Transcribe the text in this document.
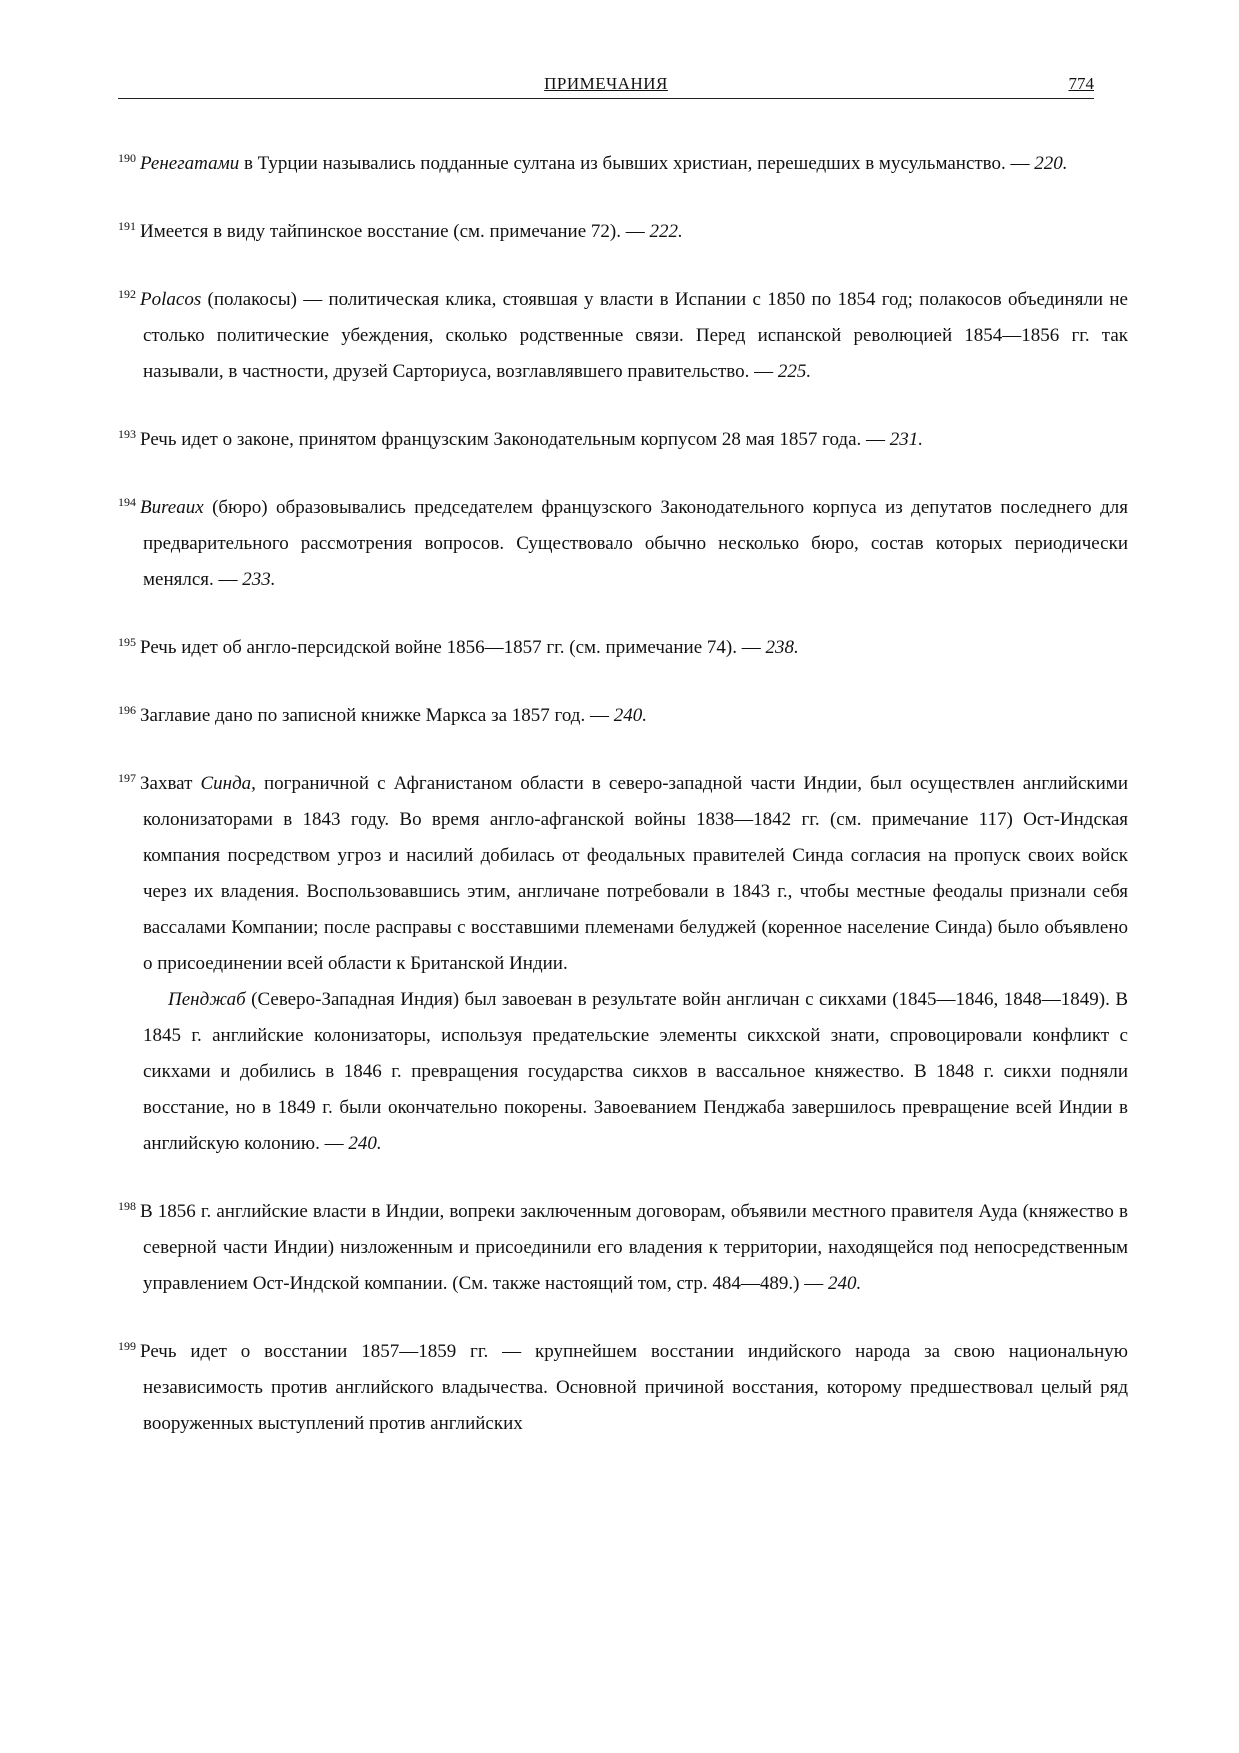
ПРИМЕЧАНИЯ	774

$^{190}$ Ренегатами в Турции назывались подданные султана из бывших христиан, перешедших в мусульманство. — 220.

$^{191}$ Имеется в виду тайпинское восстание (см. примечание 72). — 222.

$^{192}$ Polacos (полакосы) — политическая клика, стоявшая у власти в Испании с 1850 по 1854 год; полакосов объединяли не столько политические убеждения, сколько родственные связи. Перед испанской революцией 1854—1856 гг. так называли, в частности, друзей Сарториуса, возглавлявшего правительство. — 225.

$^{193}$ Речь идет о законе, принятом французским Законодательным корпусом 28 мая 1857 года. — 231.

$^{194}$ Bureaux (бюро) образовывались председателем французского Законодательного корпуса из депутатов последнего для предварительного рассмотрения вопросов. Существовало обычно несколько бюро, состав которых периодически менялся. — 233.

$^{195}$ Речь идет об англо-персидской войне 1856—1857 гг. (см. примечание 74). — 238.

$^{196}$ Заглавие дано по записной книжке Маркса за 1857 год. — 240.

$^{197}$ Захват Синда, пограничной с Афганистаном области в северо-западной части Индии, был осуществлен английскими колонизаторами в 1843 году. Во время англо-афганской войны 1838—1842 гг. (см. примечание 117) Ост-Индская компания посредством угроз и насилий добилась от феодальных правителей Синда согласия на пропуск своих войск через их владения. Воспользовавшись этим, англичане потребовали в 1843 г., чтобы местные феодалы признали себя вассалами Компании; после расправы с восставшими племенами белуджей (коренное население Синда) было объявлено о присоединении всей области к Британской Индии.

Пенджаб (Северо-Западная Индия) был завоеван в результате войн англичан с сикхами (1845—1846, 1848—1849). В 1845 г. английские колонизаторы, используя предательские элементы сикхской знати, спровоцировали конфликт с сикхами и добились в 1846 г. превращения государства сикхов в вассальное княжество. В 1848 г. сикхи подняли восстание, но в 1849 г. были окончательно покорены. Завоеванием Пенджаба завершилось превращение всей Индии в английскую колонию. — 240.

$^{198}$ В 1856 г. английские власти в Индии, вопреки заключенным договорам, объявили местного правителя Ауда (княжество в северной части Индии) низложенным и присоединили его владения к территории, находящейся под непосредственным управлением Ост-Индской компании. (См. также настоящий том, стр. 484—489.) — 240.

$^{199}$ Речь идет о восстании 1857—1859 гг. — крупнейшем восстании индийского народа за свою национальную независимость против английского владычества. Основной причиной восстания, которому предшествовал целый ряд вооруженных выступлений против английских
